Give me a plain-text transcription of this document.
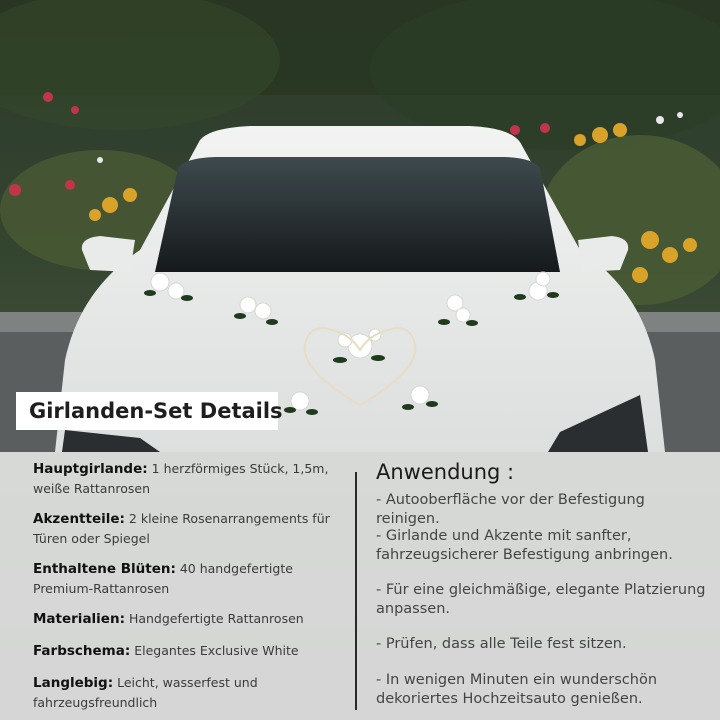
Girlanden-Set Details
Hauptgirlande: 1 herzförmiges Stück, 1,5m, weiße Rattanrosen
Akzentteile: 2 kleine Rosenarrangements für Türen oder Spiegel
Enthaltene Blüten: 40 handgefertigte Premium-Rattanrosen
Materialien: Handgefertigte Rattanrosen
Farbschema: Elegantes Exclusive White
Langlebig: Leicht, wasserfest und fahrzeugsfreundlich
Anwendung :
- Autooberfläche vor der Befestigung reinigen.
- Girlande und Akzente mit sanfter, fahrzeugsicherer Befestigung anbringen.
- Für eine gleichmäßige, elegante Platzierung anpassen.
- Prüfen, dass alle Teile fest sitzen.
- In wenigen Minuten ein wunderschön dekoriertes Hochzeitsauto genießen.
